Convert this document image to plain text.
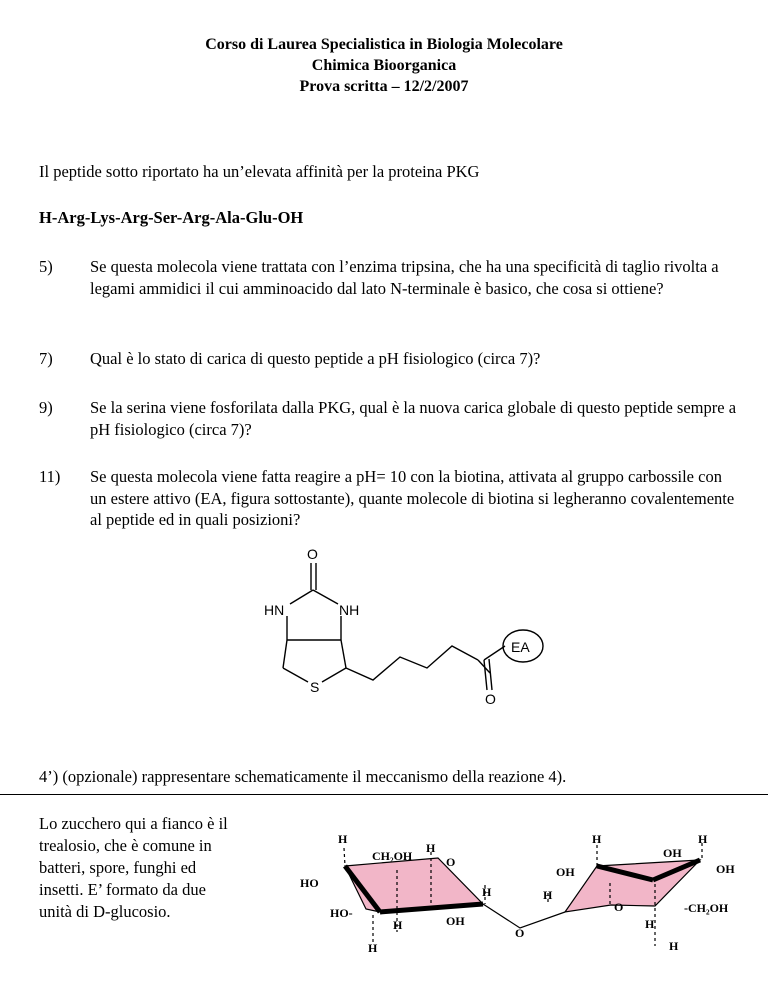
Corso di Laurea Specialistica in Biologia Molecolare
Chimica Bioorganica
Prova scritta – 12/2/2007
Il peptide sotto riportato ha un’elevata affinità per la proteina PKG
H-Arg-Lys-Arg-Ser-Arg-Ala-Glu-OH
5) Se questa molecola viene trattata con l’enzima tripsina, che ha una specificità di taglio rivolta a legami ammidici il cui amminoacido dal lato N-terminale è basico, che cosa si ottiene?
7) Qual è lo stato di carica di questo peptide a pH fisiologico (circa 7)?
9) Se la serina viene fosforilata dalla PKG, qual è la nuova carica globale di questo peptide sempre a pH fisiologico (circa 7)?
11) Se questa molecola viene fatta reagire a pH= 10 con la biotina, attivata al gruppo carbossile con un estere attivo (EA, figura sottostante), quante molecole di biotina si legheranno covalentemente al peptide ed in quali posizioni?
O
HN	NH
S
EA
O
4’) (opzionale) rappresentare schematicamente il meccanismo della reazione 4).
Lo zucchero qui a fianco è il trealosio, che è comune in batteri, spore, funghi ed insetti. E’ formato da due unità di D-glucosio.
H
CH₂OH
H
O
HO
H
HO-
H	OH
H
O
H
H
OH
O
H
OH
OH
-CH₂OH
H
H
